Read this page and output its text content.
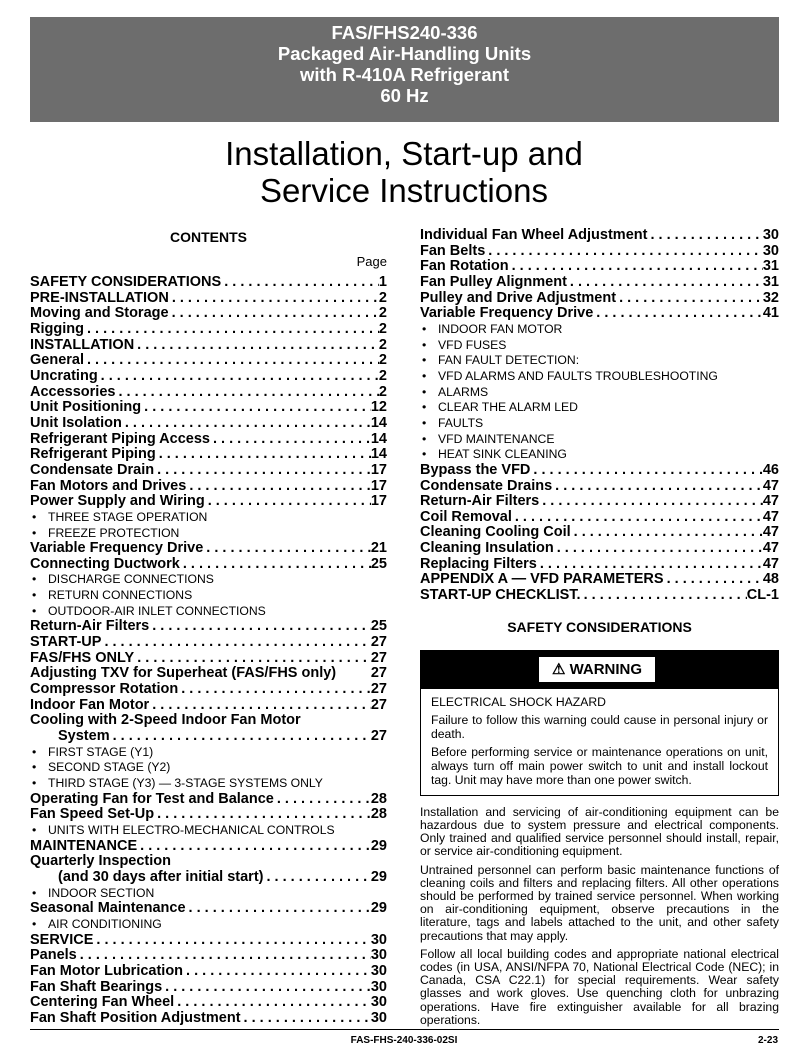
FAS/FHS240-336
Packaged Air-Handling Units
with R-410A Refrigerant
60 Hz
Installation, Start-up and
Service Instructions
CONTENTS
Page
SAFETY CONSIDERATIONS . . .	1
PRE-INSTALLATION . . .	2
Moving and Storage . . .	2
Rigging . . .	2
INSTALLATION . . .	2
General . . .	2
Uncrating . . .	2
Accessories . . .	2
Unit Positioning . . .	12
Unit Isolation . . .	14
Refrigerant Piping Access . . .	14
Refrigerant Piping . . .	14
Condensate Drain . . .	17
Fan Motors and Drives . . .	17
Power Supply and Wiring . . .	17
• THREE STAGE OPERATION
• FREEZE PROTECTION
Variable Frequency Drive . . .	21
Connecting Ductwork . . .	25
• DISCHARGE CONNECTIONS
• RETURN CONNECTIONS
• OUTDOOR-AIR INLET CONNECTIONS
Return-Air Filters . . .	25
START-UP . . .	27
FAS/FHS ONLY . . .	27
Adjusting TXV for Superheat (FAS/FHS only) 27
Compressor Rotation . . .	27
Indoor Fan Motor . . .	27
Cooling with 2-Speed Indoor Fan Motor
System . . .	27
• FIRST STAGE (Y1)
• SECOND STAGE (Y2)
• THIRD STAGE (Y3) — 3-STAGE SYSTEMS ONLY
Operating Fan for Test and Balance . . .	28
Fan Speed Set-Up . . .	28
• UNITS WITH ELECTRO-MECHANICAL CONTROLS
MAINTENANCE . . .	29
Quarterly Inspection
(and 30 days after initial start) . . .	29
• INDOOR SECTION
Seasonal Maintenance . . .	29
• AIR CONDITIONING
SERVICE . . .	30
Panels . . .	30
Fan Motor Lubrication . . .	30
Fan Shaft Bearings . . .	30
Centering Fan Wheel . . .	30
Fan Shaft Position Adjustment . . .	30
Individual Fan Wheel Adjustment . . .	30
Fan Belts . . .	30
Fan Rotation . . .	31
Fan Pulley Alignment . . .	31
Pulley and Drive Adjustment . . .	32
Variable Frequency Drive . . .	41
• INDOOR FAN MOTOR
• VFD FUSES
• FAN FAULT DETECTION:
• VFD ALARMS AND FAULTS TROUBLESHOOTING
• ALARMS
• CLEAR THE ALARM LED
• FAULTS
• VFD MAINTENANCE
• HEAT SINK CLEANING
Bypass the VFD . . .	46
Condensate Drains . . .	47
Return-Air Filters . . .	47
Coil Removal . . .	47
Cleaning Cooling Coil . . .	47
Cleaning Insulation . . .	47
Replacing Filters . . .	47
APPENDIX A — VFD PARAMETERS . . .	48
START-UP CHECKLIST. . . .	CL-1
SAFETY CONSIDERATIONS
⚠ WARNING

ELECTRICAL SHOCK HAZARD

Failure to follow this warning could cause in personal injury or death.

Before performing service or maintenance operations on unit, always turn off main power switch to unit and install lockout tag. Unit may have more than one power switch.

Installation and servicing of air-conditioning equipment can be hazardous due to system pressure and electrical components. Only trained and qualified service personnel should install, repair, or service air-conditioning equipment.

Untrained personnel can perform basic maintenance functions of cleaning coils and filters and replacing filters. All other operations should be performed by trained service personnel. When working on air-conditioning equipment, observe precautions in the literature, tags and labels attached to the unit, and other safety precautions that may apply.

Follow all local building codes and appropriate national electrical codes (in USA, ANSI/NFPA 70, National Electrical Code (NEC); in Canada, CSA C22.1) for special requirements. Wear safety glasses and work gloves. Use quenching cloth for unbrazing operations. Have fire extinguisher available for all brazing operations.

FAS-FHS-240-336-02SI	2-23
